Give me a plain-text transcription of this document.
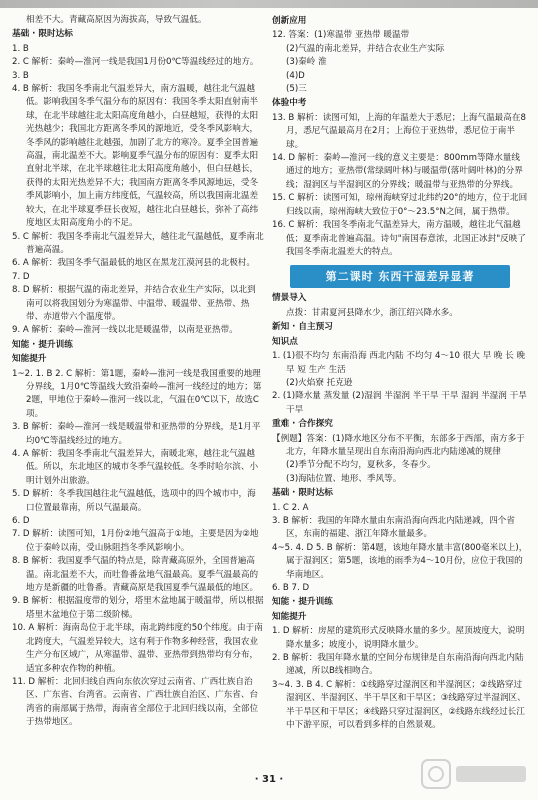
相差不大。青藏高原因为海拔高，导致气温低。

基础 · 限时达标

1. B

2. C 解析：秦岭—淮河一线是我国1月份0℃等温线经过的地方。

3. B

4. B 解析：我国冬季南北气温差异大，南方温暖，越往北气温越低。影响我国冬季气温分布的原因有：我国冬季太阳直射南半球，在北半球越往北太阳高度角越小，白昼越短，获得的太阳光热越少；我国北方距离冬季风的源地近，受冬季风影响大，冬季风的影响越往北越强，加剧了北方的寒冷。夏季全国普遍高温，南北温差不大。影响夏季气温分布的原因有：夏季太阳直射北半球，在北半球越往北太阳高度角越小，但白昼越长，获得的太阳光热差异不大；我国南方距离冬季风源地远，受冬季风影响小，加上南方纬度低，气温较高，所以我国南北温差较大，在北半球夏季昼长夜短，越往北白昼越长，弥补了高纬度地区太阳高度角小的不足。

5. C 解析：我国冬季南北气温差异大，越往北气温越低，夏季南北普遍高温。

6. A 解析：我国冬季气温最低的地区在黑龙江漠河县的北极村。

7. D

8. D 解析：根据气温的南北差异，并结合农业生产实际，以北到南可以将我国划分为寒温带、中温带、暖温带、亚热带、热带、赤道带六个温度带。

9. A 解析：秦岭—淮河一线以北是暖温带，以南是亚热带。

知能 · 提升训练

知能提升

1~2. 1. B 2. C 解析：第1题，秦岭—淮河一线是我国重要的地理分界线，1月0℃等温线大致沿秦岭—淮河一线经过的地方；第2题，甲地位于秦岭—淮河一线以北，气温在0℃以下，故选C项。

3. B 解析：秦岭—淮河一线是暖温带和亚热带的分界线，是1月平均0℃等温线经过的地方。

4. A 解析：我国冬季南北气温差异大，南暖北寒，越往北气温越低。所以，东北地区的城市冬季气温较低。冬季时哈尔滨、小明计划外出旅游。

5. D 解析：冬季我国越往北气温越低，选项中的四个城市中，海口位置最靠南，所以气温最高。

6. D

7. D 解析：读图可知，1月份②地气温高于①地，主要是因为②地位于秦岭以南，受山脉阻挡冬季风影响小。

8. B 解析：我国夏季气温的特点是，除青藏高原外，全国普遍高温。南北温差不大，而吐鲁番盆地气温最高。夏季气温最高的地方是新疆的吐鲁番。青藏高原是我国夏季气温最低的地区。

9. B 解析：根据温度带的划分，塔里木盆地属于暖温带，所以根据塔里木盆地位于第二级阶梯。

10. A 解析：海南岛位于北半球，南北跨纬度约50个纬度。由于南北跨度大，气温差异较大，这有利于作物多种经营，我国农业生产分布区域广，从寒温带、温带、亚热带到热带均有分布，适宜多种农作物的种植。

11. D 解析：北回归线自西向东依次穿过云南省、广西壮族自治区、广东省、台湾省。云南省、广西壮族自治区、广东省、台湾省的南部属于热带，海南省全部位于北回归线以南，全部位于热带地区。

创新应用

12. 答案：(1)寒温带 亚热带 暖温带

(2)气温的南北差异，并结合农业生产实际

(3)秦岭 淮

(4)D

(5)三

体验中考

13. B 解析：读图可知，上海的年温差大于悉尼；上海气温最高在8月，悉尼气温最高月在2月；上海位于亚热带，悉尼位于南半球。

14. D 解析：秦岭—淮河一线的意义主要是：800mm等降水量线通过的地方；亚热带(常绿阔叶林)与暖温带(落叶阔叶林)的分界线；湿润区与半湿润区的分界线；暖温带与亚热带的分界线。

15. C 解析：读图可知，琼州海峡穿过北纬约20°的地方，位于北回归线以南，琼州海峡大致位于0°～23.5°N之间，属于热带。

16. C 解析：我国冬季南北气温差异大，南方温暖，越往北气温越低；夏季南北普遍高温。诗句"南国春意浓，北国正冰封"反映了我国冬季南北温差大的特点。

第二课时 东西干湿差异显著

情景导入

点拨：甘肃夏河县降水少，浙江绍兴降水多。

新知 · 自主预习

知识点

1. (1)很不均匀 东南沿海 西北内陆 不均匀 4～10 很大 早 晚 长 晚 早 短 生产 生活

(2)火焰寮 托克逊

2. (1)降水量 蒸发量 (2)湿润 半湿润 半干旱 干旱 湿润 半湿润 干旱 干旱

重难 · 合作探究

【例题】答案：(1)降水地区分布不平衡，东部多于西部，南方多于北方，年降水量呈现出自东南沿海向西北内陆递减的规律

(2)季节分配不均匀，夏秋多，冬春少。

(3)海陆位置、地形、季风等。

基础 · 限时达标

1. C 2. A

3. B 解析：我国的年降水量由东南沿海向西北内陆递减，四个省区，东南的福建、浙江年降水量最多。

4~5. 4. D 5. B 解析：第4题，该地年降水量丰富(800毫米以上)，属于湿润区；第5题，该地的雨季为4～10月份，应位于我国的华南地区。

6. B 7. D

知能 · 提升训练

知能提升

1. D 解析：房屋的建筑形式反映降水量的多少。屋顶坡度大，说明降水量多；坡度小，说明降水量少。

2. B 解析：我国年降水量的空间分布规律是自东南沿海向西北内陆递减，所以B线相吻合。

3~4. 3. B 4. C 解析：①线路穿过湿润区和半湿润区；②线路穿过湿润区、半湿润区、半干旱区和干旱区；③线路穿过半湿润区、半干旱区和干旱区；④线路只穿过湿润区，②线路东线经过长江中下游平原，可以看到多样的自然景观。

· 31 ·
